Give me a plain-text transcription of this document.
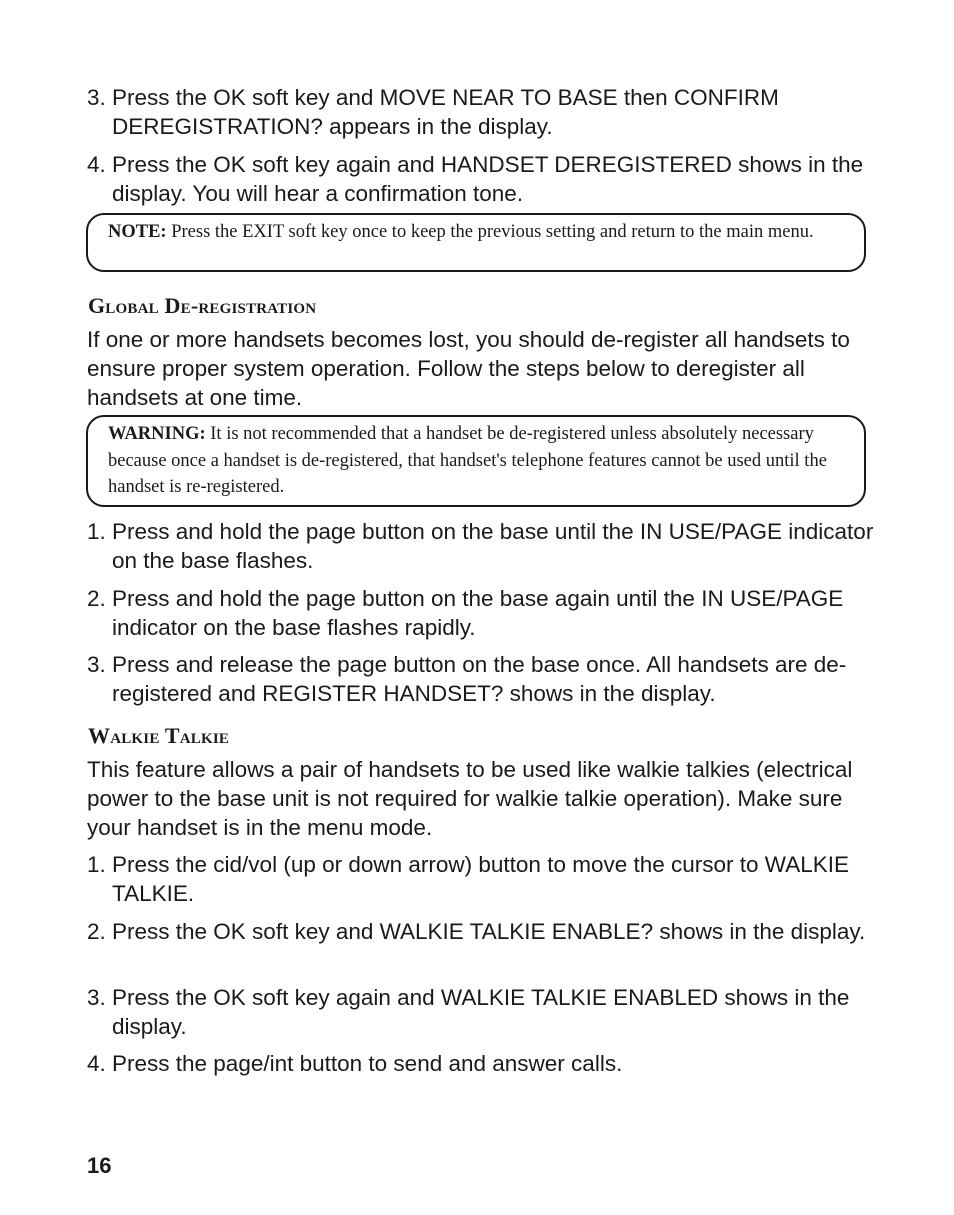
3. Press the OK soft key and MOVE NEAR TO BASE then CONFIRM DEREGISTRATION? appears in the display.
4. Press the OK soft key again and HANDSET DEREGISTERED shows in the display. You will hear a confirmation tone.
NOTE: Press the EXIT soft key once to keep the previous setting and return to the main menu.
Global De-registration

If one or more handsets becomes lost, you should de-register all handsets to ensure proper system operation. Follow the steps below to deregister all handsets at one time.

WARNING: It is not recommended that a handset be de-registered unless absolutely necessary because once a handset is de-registered, that handset's telephone features cannot be used until the handset is re-registered.
1. Press and hold the page button on the base until the IN USE/PAGE indicator on the base flashes.
2. Press and hold the page button on the base again until the IN USE/PAGE indicator on the base flashes rapidly.
3. Press and release the page button on the base once. All handsets are de-registered and REGISTER HANDSET? shows in the display.
Walkie Talkie

This feature allows a pair of handsets to be used like walkie talkies (electrical power to the base unit is not required for walkie talkie operation). Make sure your handset is in the menu mode.

1. Press the cid/vol (up or down arrow) button to move the cursor to WALKIE TALKIE.
2. Press the OK soft key and WALKIE TALKIE ENABLE? shows in the display.
3. Press the OK soft key again and WALKIE TALKIE ENABLED shows in the display.
4. Press the page/int button to send and answer calls.

16
